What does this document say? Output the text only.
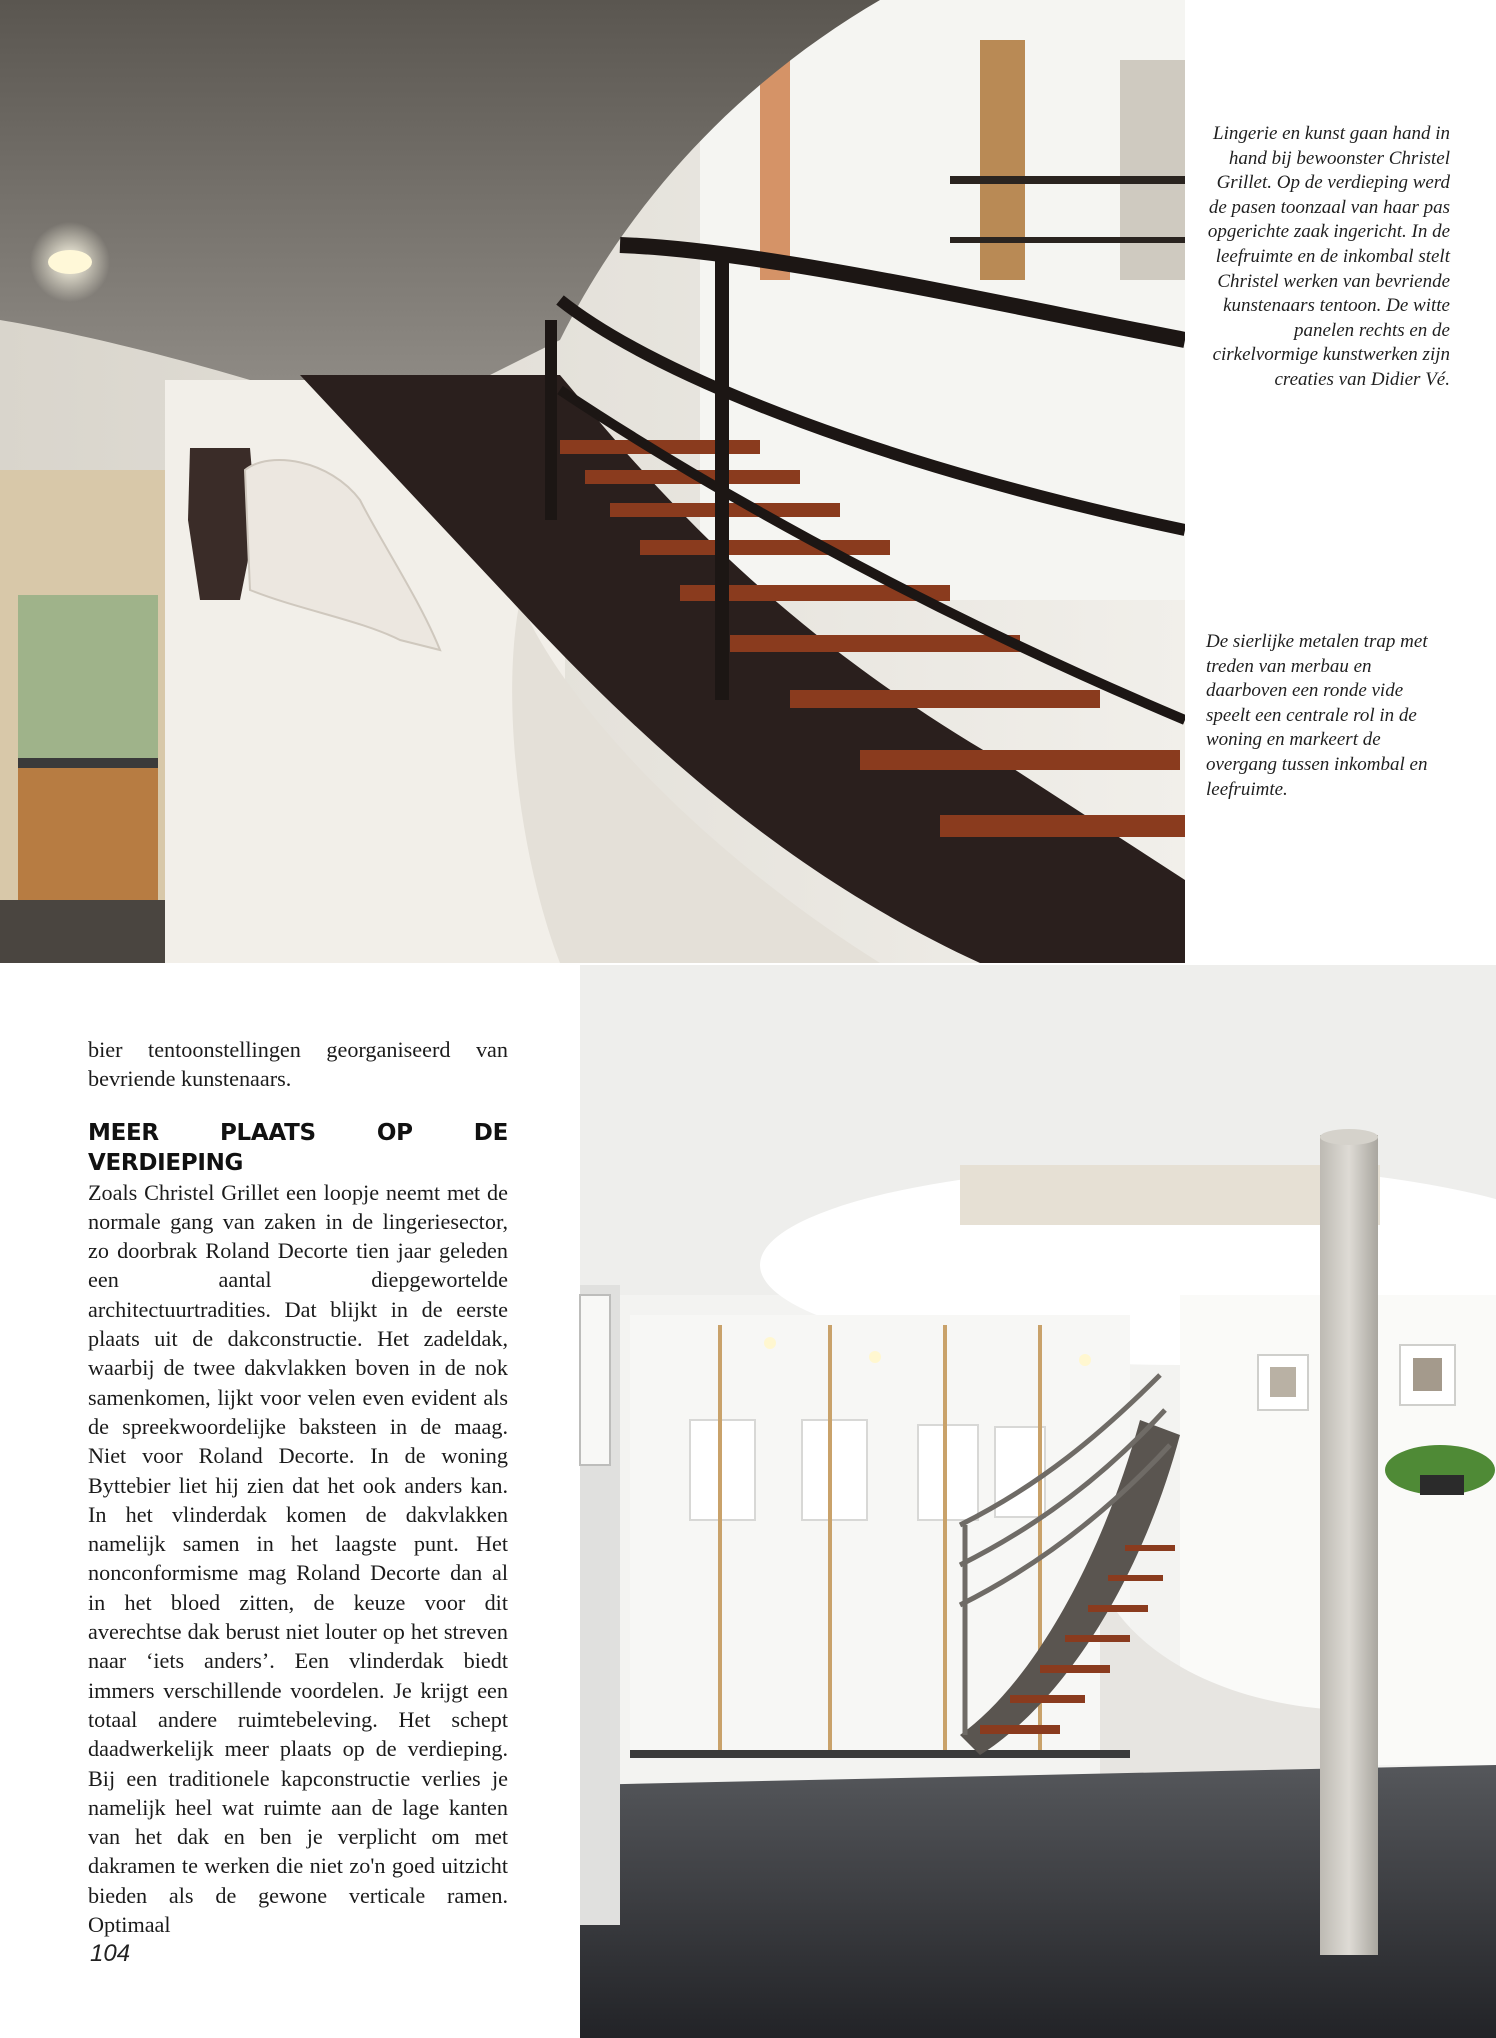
Lingerie en kunst gaan hand in hand bij bewoonster Christel Grillet. Op de verdieping werd de pasen toonzaal van haar pas opgerichte zaak ingericht. In de leefruimte en de inkombal stelt Christel werken van bevriende kunstenaars tentoon. De witte panelen rechts en de cirkelvormige kunstwerken zijn creaties van Didier Vé.
De sierlijke metalen trap met treden van merbau en daarboven een ronde vide speelt een centrale rol in de woning en markeert de overgang tussen inkombal en leefruimte.

bier tentoonstellingen georganiseerd van bevriende kunstenaars.

MEER PLAATS OP DE VERDIEPING

Zoals Christel Grillet een loopje neemt met de normale gang van zaken in de lingeriesector, zo doorbrak Roland Decorte tien jaar geleden een aantal diepgewortelde architectuurtradities. Dat blijkt in de eerste plaats uit de dakconstructie. Het zadeldak, waarbij de twee dakvlakken boven in de nok samenkomen, lijkt voor velen even evident als de spreekwoordelijke baksteen in de maag. Niet voor Roland Decorte. In de woning Byttebier liet hij zien dat het ook anders kan. In het vlinderdak komen de dakvlakken namelijk samen in het laagste punt. Het nonconformisme mag Roland Decorte dan al in het bloed zitten, de keuze voor dit averechtse dak berust niet louter op het streven naar ‘iets anders’. Een vlinderdak biedt immers verschillende voordelen. Je krijgt een totaal andere ruimtebeleving. Het schept daadwerkelijk meer plaats op de verdieping. Bij een traditionele kapconstructie verlies je namelijk heel wat ruimte aan de lage kanten van het dak en ben je verplicht om met dakramen te werken die niet zo'n goed uitzicht bieden als de gewone verticale ramen. Optimaal

104
